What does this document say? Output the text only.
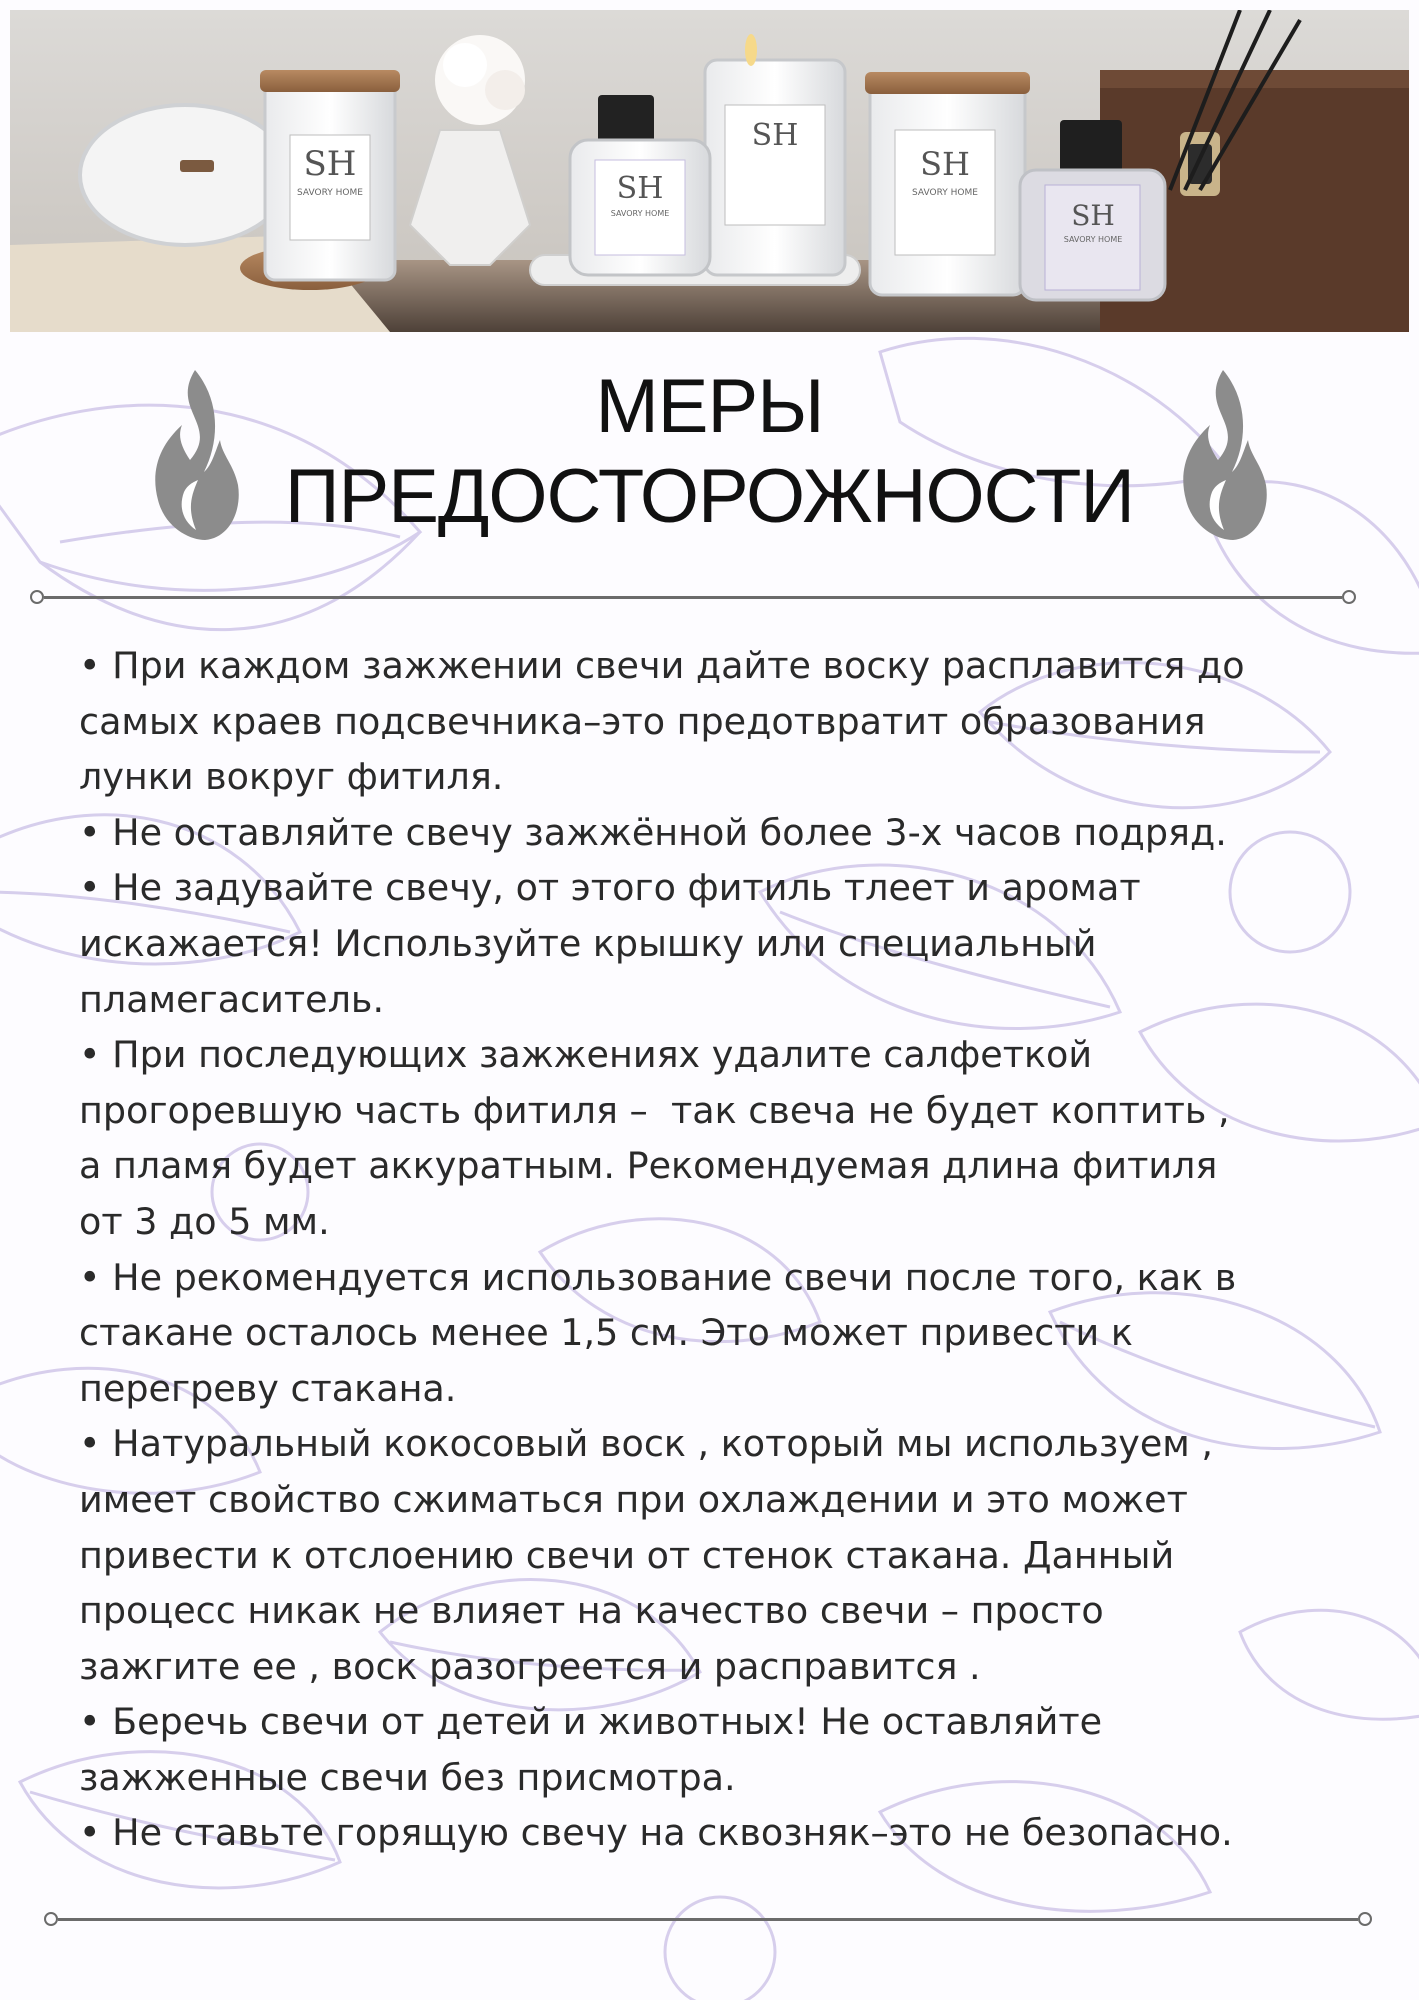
SH
SH
SH
SH
SH
SAVORY HOME
SAVORY HOME
SAVORY HOME
SAVORY HOME
МЕРЫ
ПРЕДОСТОРОЖНОСТИ

• При каждом зажжении свечи дайте воску расплавится до

самых краев подсвечника–это предотвратит образования

лунки вокруг фитиля.

• Не оставляйте свечу зажжённой более 3-х часов подряд.

• Не задувайте свечу, от этого фитиль тлеет и аромат

искажается! Используйте крышку или специальный

пламегаситель.

• При последующих зажжениях удалите салфеткой

прогоревшую часть фитиля –  так свеча не будет коптить ,

а пламя будет аккуратным. Рекомендуемая длина фитиля

от 3 до 5 мм.

• Не рекомендуется использование свечи после того, как в

стакане осталось менее 1,5 см. Это может привести к

перегреву стакана.

• Натуральный кокосовый воск , который мы используем ,

имеет свойство сжиматься при охлаждении и это может

привести к отслоению свечи от стенок стакана. Данный

процесс никак не влияет на качество свечи – просто

зажгите ее , воск разогреется и расправится .

• Беречь свечи от детей и животных! Не оставляйте

зажженные свечи без присмотра.

• Не ставьте горящую свечу на сквозняк–это не безопасно.
